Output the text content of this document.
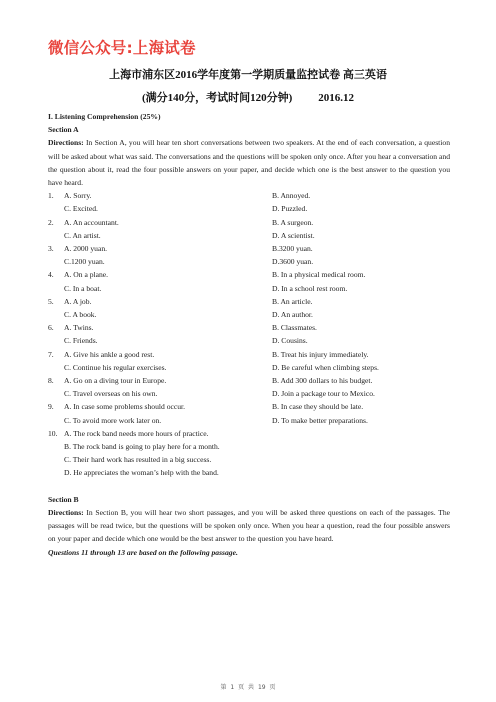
微信公众号:上海试卷
上海市浦东区2016学年度第一学期质量监控试卷 高三英语
(满分140分，考试时间120分钟) 2016.12
I. Listening Comprehension (25%)
Section A
Directions: In Section A, you will hear ten short conversations between two speakers. At the end of each conversation, a question will be asked about what was said. The conversations and the questions will be spoken only once. After you hear a conversation and the question about it, read the four possible answers on your paper, and decide which one is the best answer to the question you have heard.
1.	A. Sorry.	B. Annoyed.
C. Excited.	D. Puzzled.
2.	A. An accountant.	B. A surgeon.
C. An artist.	D. A scientist.
3.	A. 2000 yuan.	B.3200 yuan.
C.1200 yuan.	D.3600 yuan.
4.	A. On a plane.	B. In a physical medical room.
C. In a boat.	D. In a school rest room.
5.	A. A job.	B. An article.
C. A book.	D. An author.
6.	A. Twins.	B. Classmates.
C. Friends.	D. Cousins.
7.	A. Give his ankle a good rest.	B. Treat his injury immediately.
C. Continue his regular exercises.	D. Be careful when climbing steps.
8.	A. Go on a diving tour in Europe.	B. Add 300 dollars to his budget.
C. Travel overseas on his own.	D. Join a package tour to Mexico.
9.	A. In case some problems should occur.	B. In case they should be late.
C. To avoid more work later on.	D. To make better preparations.
10. A. The rock band needs more hours of practice.
B. The rock band is going to play here for a month.
C. Their hard work has resulted in a big success.
D. He appreciates the woman’s help with the band.
Section B
Directions: In Section B, you will hear two short passages, and you will be asked three questions on each of the passages. The passages will be read twice, but the questions will be spoken only once. When you hear a question, read the four possible answers on your paper and decide which one would be the best answer to the question you have heard.
Questions 11 through 13 are based on the following passage.
第 1 页 共 19 页
